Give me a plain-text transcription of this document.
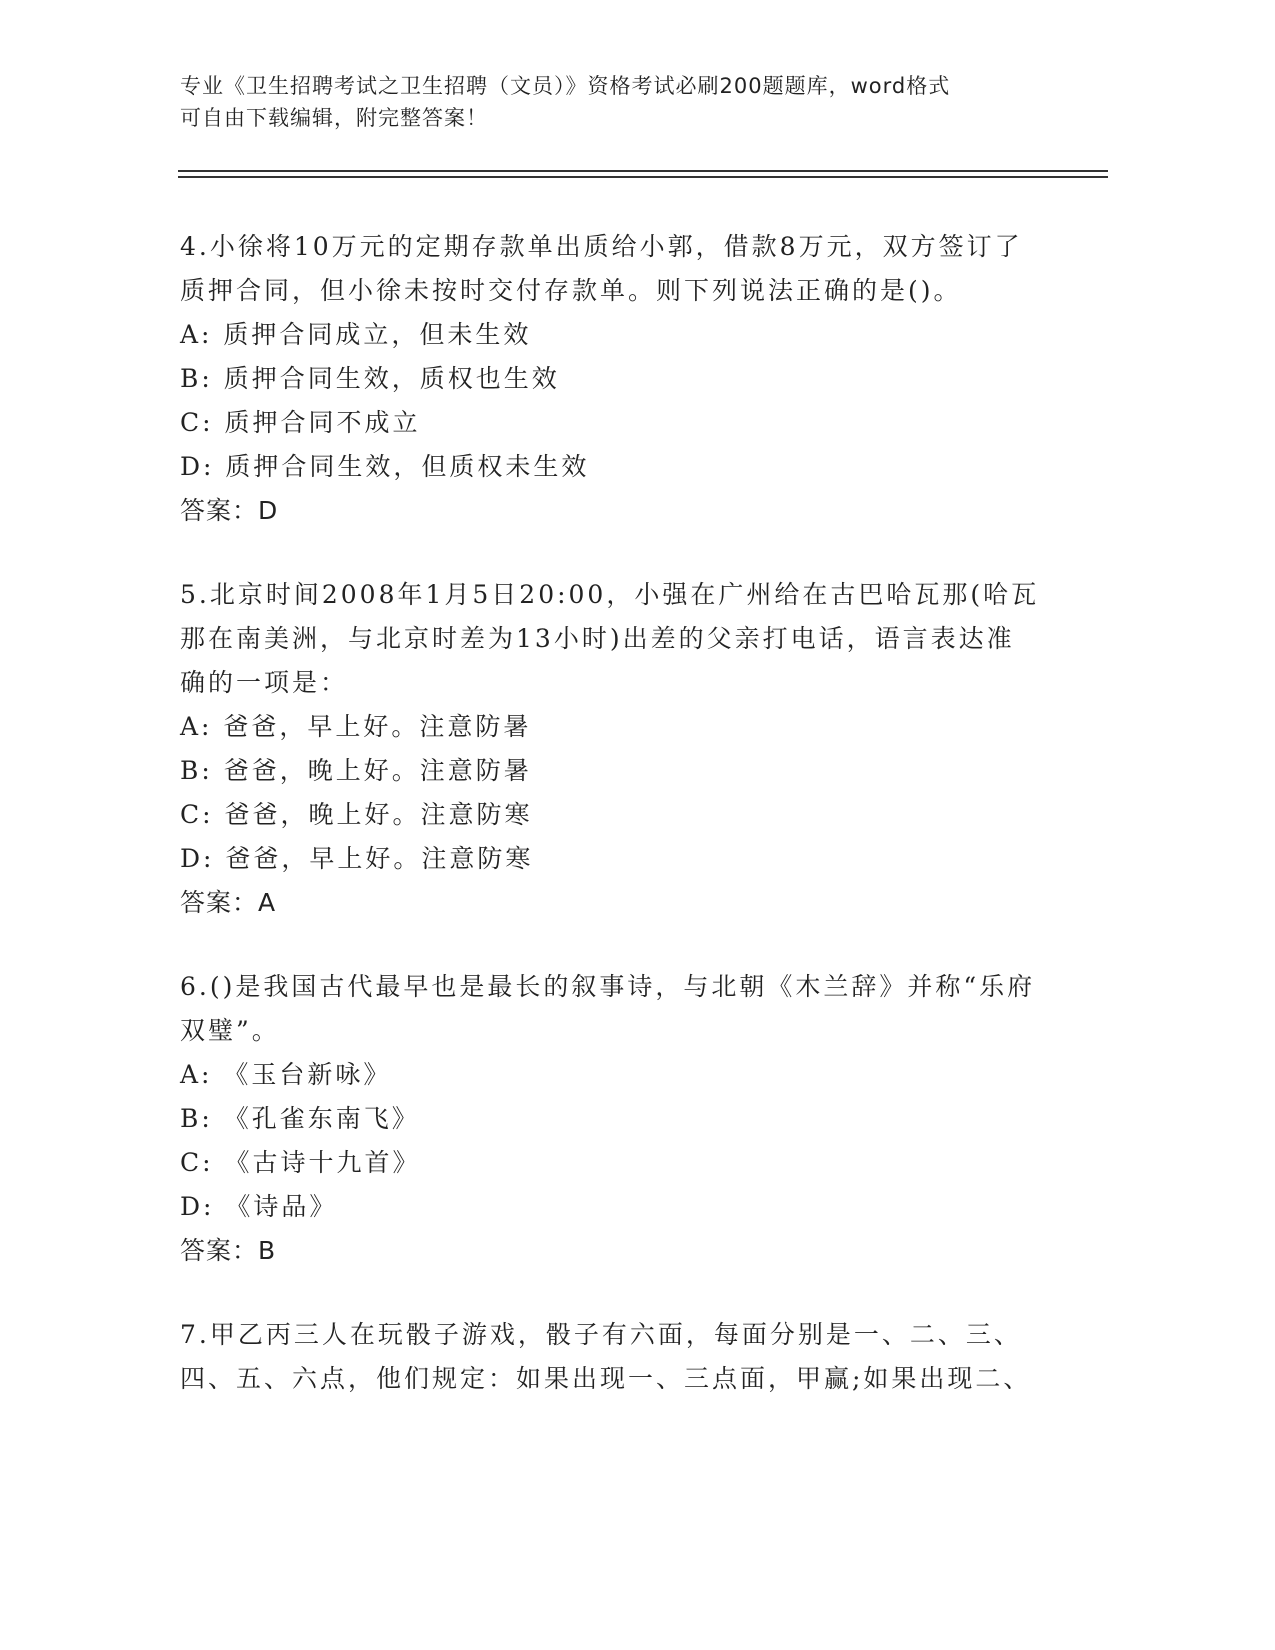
专业《卫生招聘考试之卫生招聘（文员）》资格考试必刷200题题库，word格式
可自由下载编辑，附完整答案！

4.小徐将10万元的定期存款单出质给小郭，借款8万元，双方签订了质押合同，但小徐未按时交付存款单。则下列说法正确的是()。

A: 质押合同成立，但未生效

B: 质押合同生效，质权也生效

C: 质押合同不成立

D: 质押合同生效，但质权未生效

答案：D

5.北京时间2008年1月5日20:00，小强在广州给在古巴哈瓦那(哈瓦那在南美洲，与北京时差为13小时)出差的父亲打电话，语言表达准确的一项是：

A: 爸爸，早上好。注意防暑

B: 爸爸，晚上好。注意防暑

C: 爸爸，晚上好。注意防寒

D: 爸爸，早上好。注意防寒

答案：A

6.()是我国古代最早也是最长的叙事诗，与北朝《木兰辞》并称“乐府双璧”。

A: 《玉台新咏》

B: 《孔雀东南飞》

C: 《古诗十九首》

D: 《诗品》

答案：B

7.甲乙丙三人在玩骰子游戏，骰子有六面，每面分别是一、二、三、四、五、六点，他们规定：如果出现一、三点面，甲赢;如果出现二、
